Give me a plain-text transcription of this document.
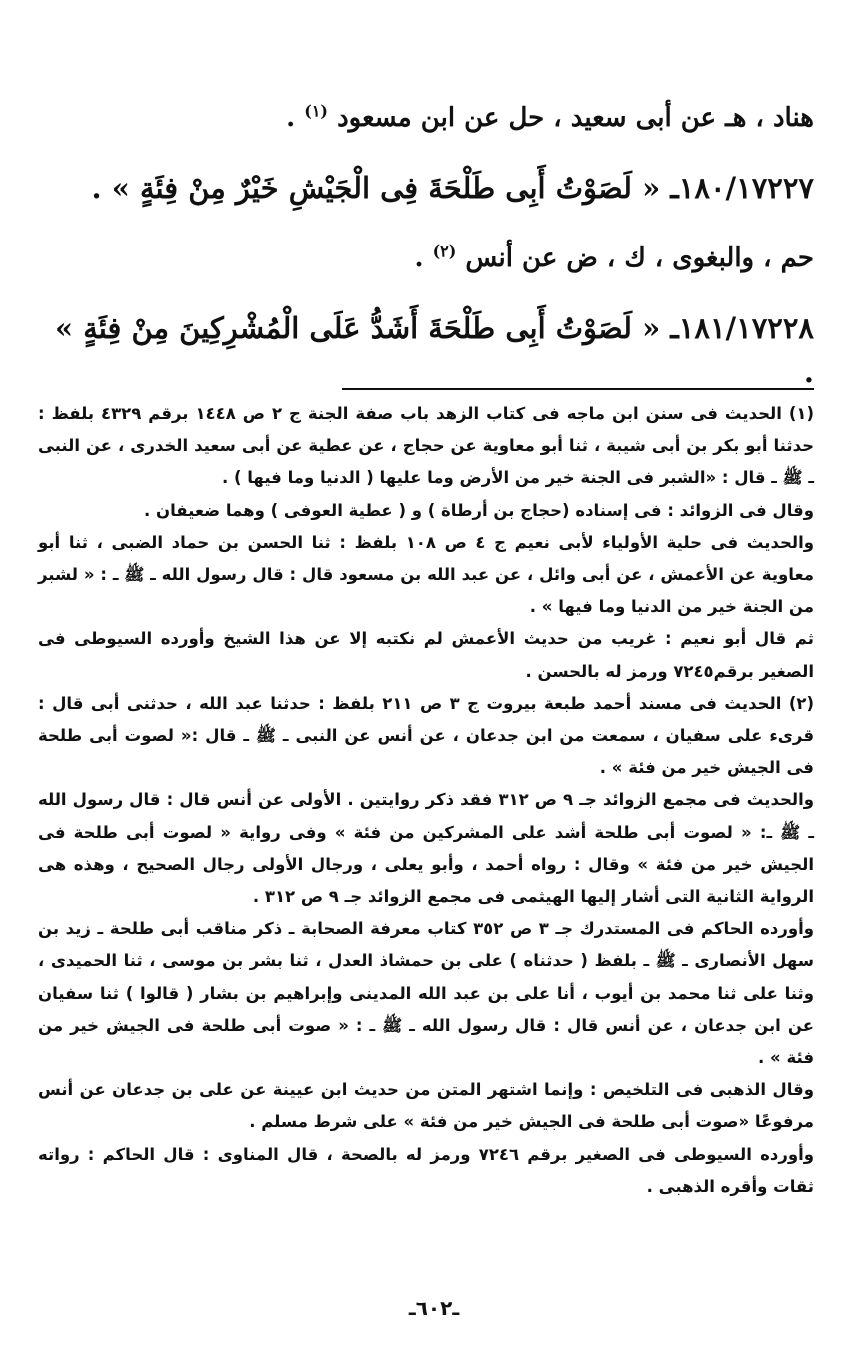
هناد ، هـ عن أبى سعيد ، حل عن ابن مسعود $^{(١)}$ .

١٨٠/١٧٢٢٧ـ « لَصَوْتُ أَبِى طَلْحَةَ فِى الْجَيْشِ خَيْرٌ مِنْ فِئَةٍ » .

حم ، والبغوى ، ك ، ض عن أنس $^{(٢)}$ .

١٨١/١٧٢٢٨ـ « لَصَوْتُ أَبِى طَلْحَةَ أَشَدُّ عَلَى الْمُشْرِكِينَ مِنْ فِئَةٍ » .

(١) الحديث فى سنن ابن ماجه فى كتاب الزهد باب صفة الجنة ج ٢ ص ١٤٤٨ برقم ٤٣٢٩ بلفظ : حدثنا أبو بكر بن أبى شيبة ، ثنا أبو معاوية عن حجاج ، عن عطية عن أبى سعيد الخدرى ، عن النبى ـ ﷺ ـ قال : «الشبر فى الجنة خير من الأرض وما عليها ( الدنيا وما فيها ) .

وقال فى الزوائد : فى إسناده (حجاج بن أرطاة ) و ( عطية العوفى ) وهما ضعيفان .

والحديث فى حلية الأولياء لأبى نعيم ج ٤ ص ١٠٨ بلفظ : ثنا الحسن بن حماد الضبى ، ثنا أبو معاوية عن الأعمش ، عن أبى وائل ، عن عبد الله بن مسعود قال : قال رسول الله ـ ﷺ ـ : « لشبر من الجنة خير من الدنيا وما فيها » .

ثم قال أبو نعيم : غريب من حديث الأعمش لم نكتبه إلا عن هذا الشيخ وأورده السيوطى فى الصغير برقم٧٢٤٥ ورمز له بالحسن .

(٢) الحديث فى مسند أحمد طبعة بيروت ج ٣ ص ٢١١ بلفظ : حدثنا عبد الله ، حدثنى أبى قال : قرىء على سفيان ، سمعت من ابن جدعان ، عن أنس عن النبى ـ ﷺ ـ قال :« لصوت أبى طلحة فى الجيش خير من فئة » .

والحديث فى مجمع الزوائد جـ ٩ ص ٣١٢ فقد ذكر روايتين . الأولى عن أنس قال : قال رسول الله ـ ﷺ ـ: « لصوت أبى طلحة أشد على المشركين من فئة » وفى رواية « لصوت أبى طلحة فى الجيش خير من فئة » وقال : رواه أحمد ، وأبو يعلى ، ورجال الأولى رجال الصحيح ، وهذه هى الرواية الثانية التى أشار إليها الهيثمى فى مجمع الزوائد جـ ٩ ص ٣١٢ .

وأورده الحاكم فى المستدرك جـ ٣ ص ٣٥٢ كتاب معرفة الصحابة ـ ذكر مناقب أبى طلحة ـ زيد بن سهل الأنصارى ـ ﷺ ـ بلفظ ( حدثناه ) على بن حمشاذ العدل ، ثنا بشر بن موسى ، ثنا الحميدى ، وثنا على ثنا محمد بن أيوب ، أنا على بن عبد الله المدينى وإبراهيم بن بشار ( قالوا ) ثنا سفيان عن ابن جدعان ، عن أنس قال : قال رسول الله ـ ﷺ ـ : « صوت أبى طلحة فى الجيش خير من فئة » .

وقال الذهبى فى التلخيص : وإنما اشتهر المتن من حديث ابن عيينة عن على بن جدعان عن أنس مرفوعًا «صوت أبى طلحة فى الجيش خير من فئة » على شرط مسلم .

وأورده السيوطى فى الصغير برقم ٧٢٤٦ ورمز له بالصحة ، قال المناوى : قال الحاكم : رواته ثقات وأقره الذهبى .

ـ٦٠٢ـ
